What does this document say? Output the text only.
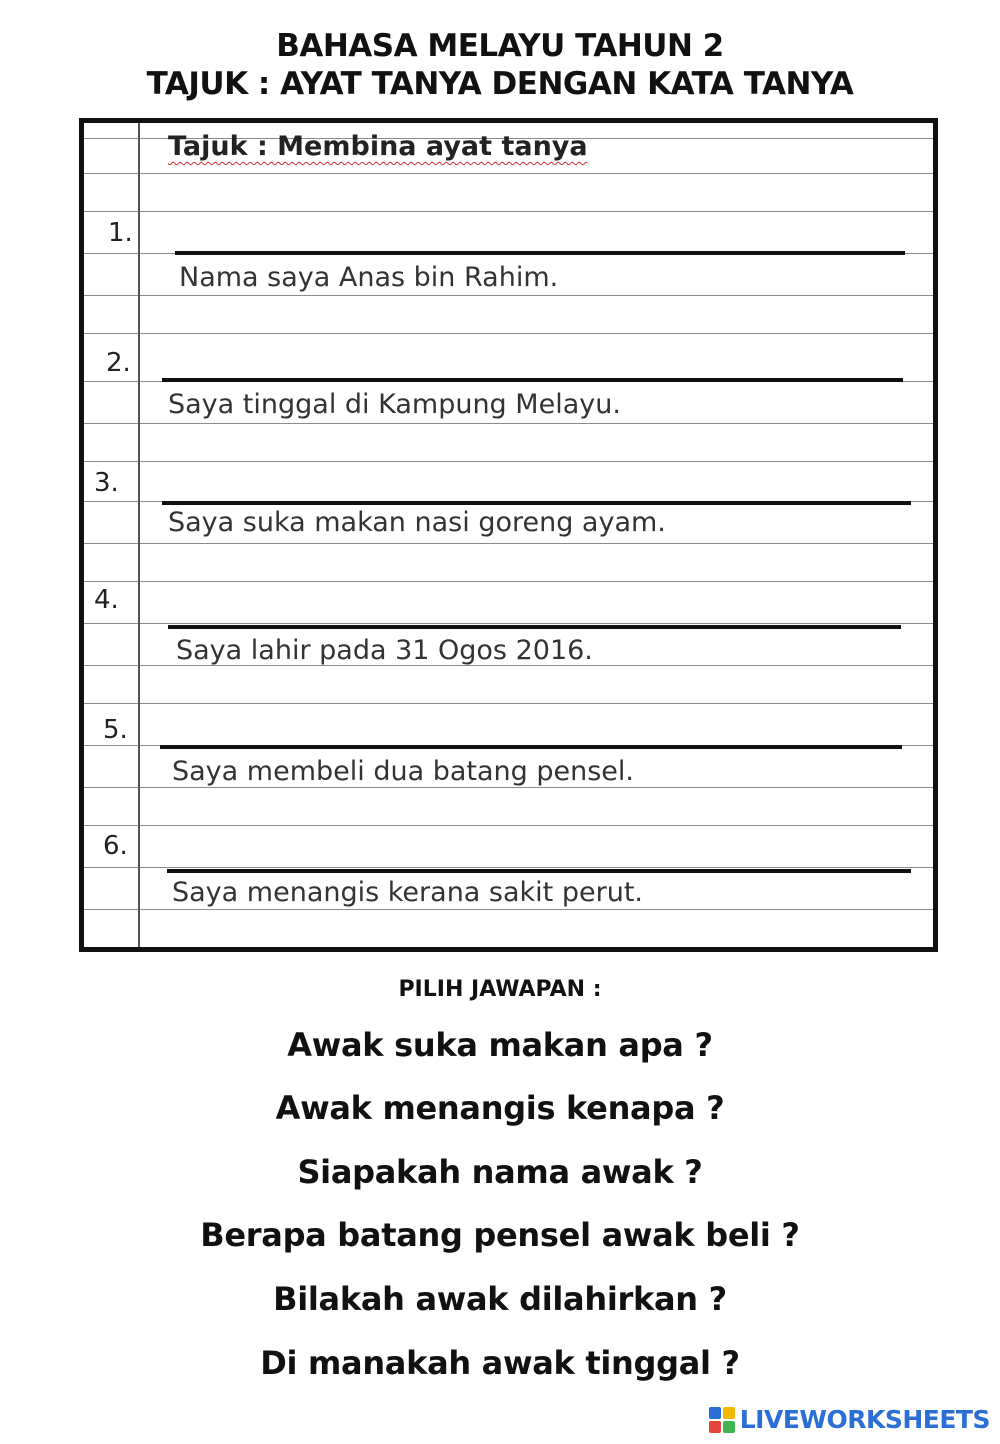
BAHASA MELAYU TAHUN 2
TAJUK : AYAT TANYA DENGAN KATA TANYA
Tajuk : Membina ayat tanya
1.
Nama saya Anas bin Rahim.
2.
Saya tinggal di Kampung Melayu.
3.
Saya suka makan nasi goreng ayam.
4.
Saya lahir pada 31 Ogos 2016.
5.
Saya membeli dua batang pensel.
6.
Saya menangis kerana sakit perut.
PILIH JAWAPAN :
Awak suka makan apa ?
Awak menangis kenapa ?
Siapakah nama awak ?
Berapa batang pensel awak beli ?
Bilakah awak dilahirkan ?
Di manakah awak tinggal ?
LIVEWORKSHEETS
